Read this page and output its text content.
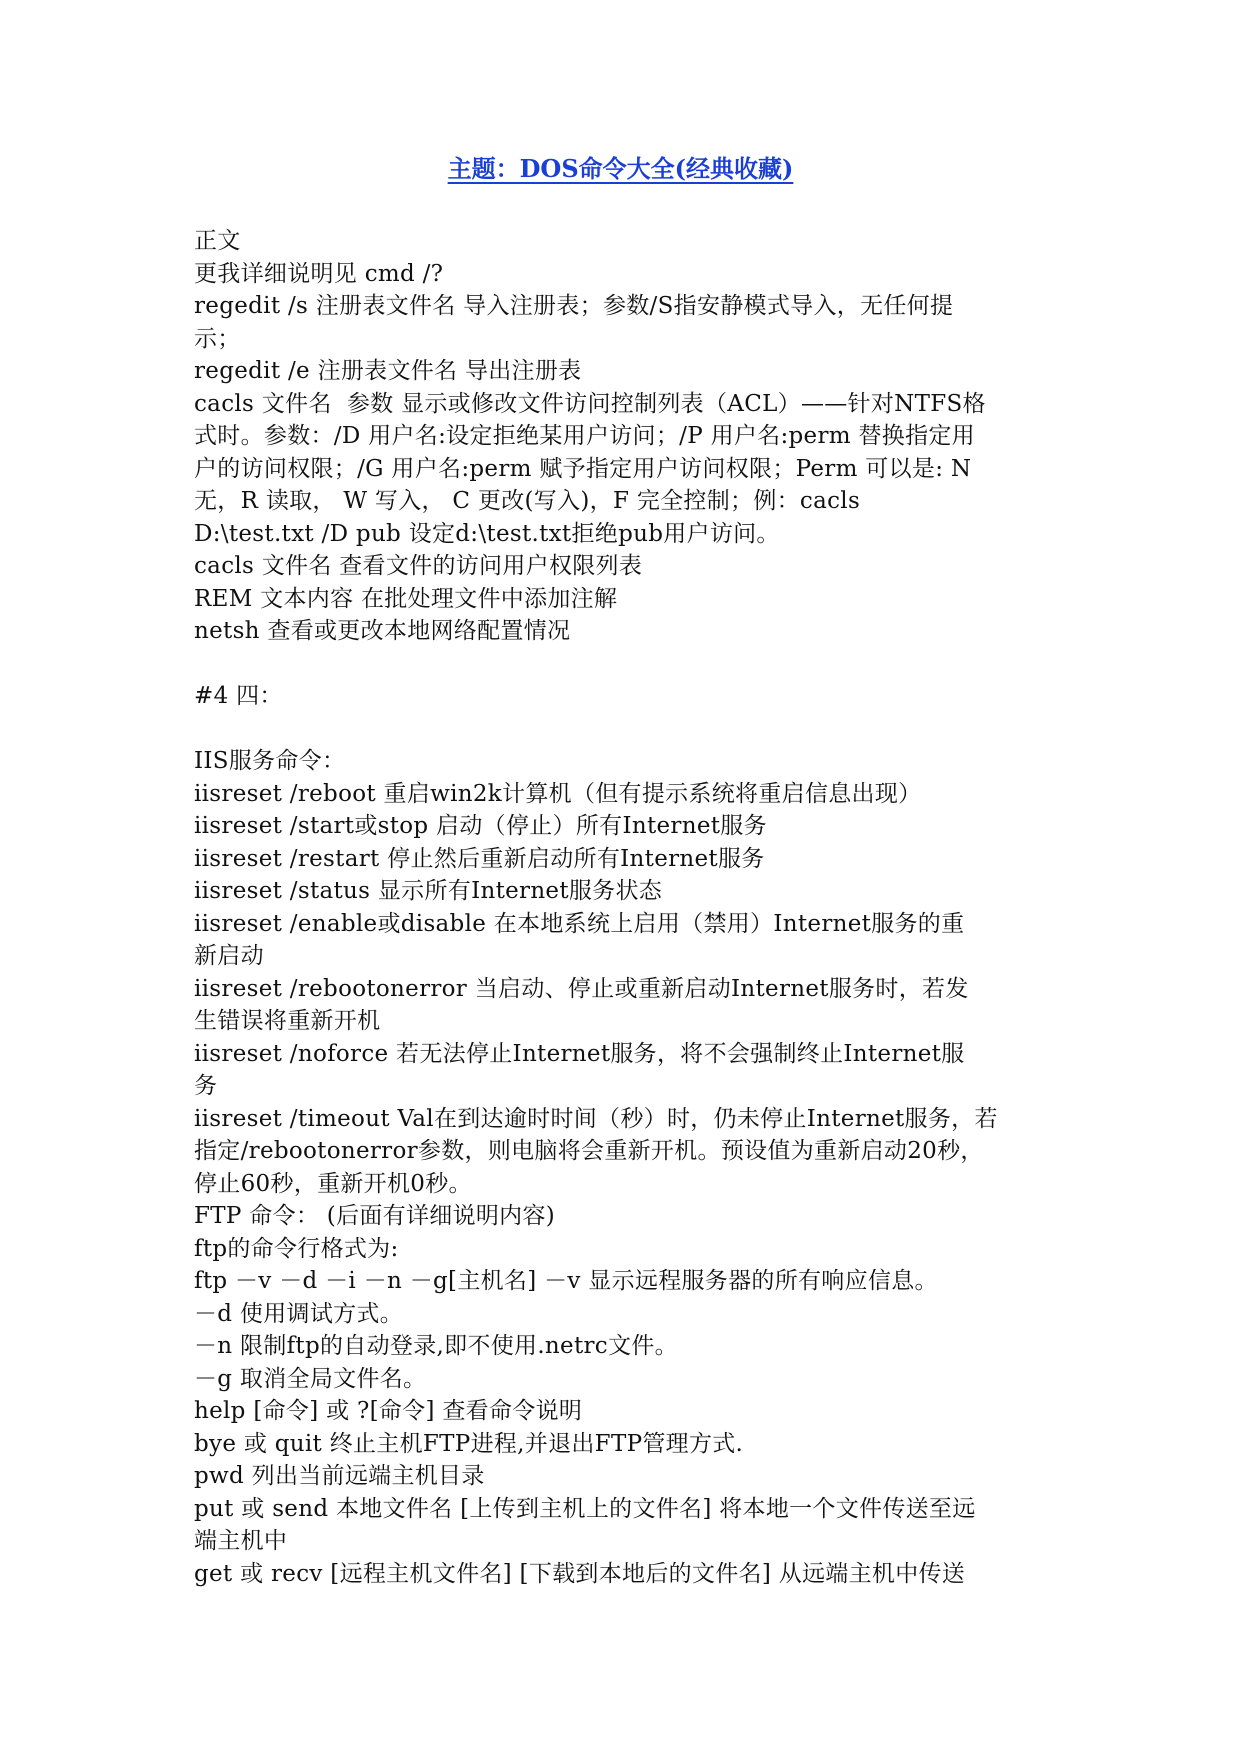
主题：DOS命令大全(经典收藏)
正文
更我详细说明见 cmd /?
regedit /s 注册表文件名 导入注册表；参数/S指安静模式导入，无任何提
示；
regedit /e 注册表文件名 导出注册表
cacls 文件名  参数 显示或修改文件访问控制列表（ACL）——针对NTFS格
式时。参数：/D 用户名:设定拒绝某用户访问；/P 用户名:perm 替换指定用
户的访问权限；/G 用户名:perm 赋予指定用户访问权限；Perm 可以是: N
无，R 读取， W 写入， C 更改(写入)，F 完全控制；例：cacls
D:\test.txt /D pub 设定d:\test.txt拒绝pub用户访问。
cacls 文件名 查看文件的访问用户权限列表
REM 文本内容 在批处理文件中添加注解
netsh 查看或更改本地网络配置情况
#4 四：
IIS服务命令：
iisreset /reboot 重启win2k计算机（但有提示系统将重启信息出现）
iisreset /start或stop 启动（停止）所有Internet服务
iisreset /restart 停止然后重新启动所有Internet服务
iisreset /status 显示所有Internet服务状态
iisreset /enable或disable 在本地系统上启用（禁用）Internet服务的重
新启动
iisreset /rebootonerror 当启动、停止或重新启动Internet服务时，若发
生错误将重新开机
iisreset /noforce 若无法停止Internet服务，将不会强制终止Internet服
务
iisreset /timeout Val在到达逾时时间（秒）时，仍未停止Internet服务，若
指定/rebootonerror参数，则电脑将会重新开机。预设值为重新启动20秒，
停止60秒，重新开机0秒。
FTP 命令： (后面有详细说明内容)
ftp的命令行格式为:
ftp －v －d －i －n －g[主机名] －v 显示远程服务器的所有响应信息。
－d 使用调试方式。
－n 限制ftp的自动登录,即不使用.netrc文件。
－g 取消全局文件名。
help [命令] 或 ?[命令] 查看命令说明
bye 或 quit 终止主机FTP进程,并退出FTP管理方式.
pwd 列出当前远端主机目录
put 或 send 本地文件名 [上传到主机上的文件名] 将本地一个文件传送至远
端主机中
get 或 recv [远程主机文件名] [下载到本地后的文件名] 从远端主机中传送
